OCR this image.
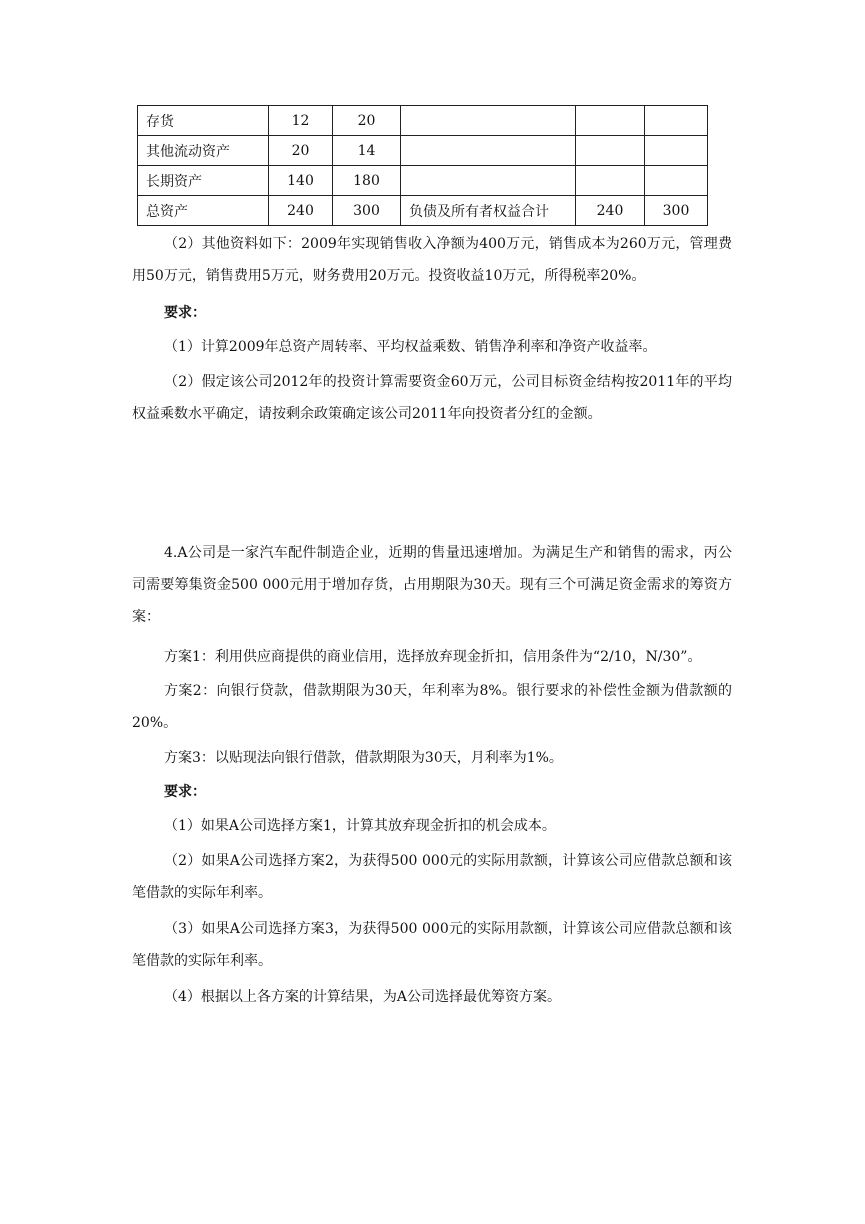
存货	12	20			
其他流动资产	20	14			
长期资产	140	180			
总资产	240	300	负债及所有者权益合计	240	300

（2）其他资料如下：2009年实现销售收入净额为400万元，销售成本为260万元，管理费用50万元，销售费用5万元，财务费用20万元。投资收益10万元，所得税率20%。

要求：

（1）计算2009年总资产周转率、平均权益乘数、销售净利率和净资产收益率。

（2）假定该公司2012年的投资计算需要资金60万元，公司目标资金结构按2011年的平均权益乘数水平确定，请按剩余政策确定该公司2011年向投资者分红的金额。

4.A公司是一家汽车配件制造企业，近期的售量迅速增加。为满足生产和销售的需求，丙公司需要筹集资金500 000元用于增加存货，占用期限为30天。现有三个可满足资金需求的筹资方案：

方案1：利用供应商提供的商业信用，选择放弃现金折扣，信用条件为“2/10，N/30”。

方案2：向银行贷款，借款期限为30天，年利率为8%。银行要求的补偿性金额为借款额的20%。

方案3：以贴现法向银行借款，借款期限为30天，月利率为1%。

要求：

（1）如果A公司选择方案1，计算其放弃现金折扣的机会成本。

（2）如果A公司选择方案2，为获得500 000元的实际用款额，计算该公司应借款总额和该笔借款的实际年利率。

（3）如果A公司选择方案3，为获得500 000元的实际用款额，计算该公司应借款总额和该笔借款的实际年利率。

（4）根据以上各方案的计算结果，为A公司选择最优筹资方案。
